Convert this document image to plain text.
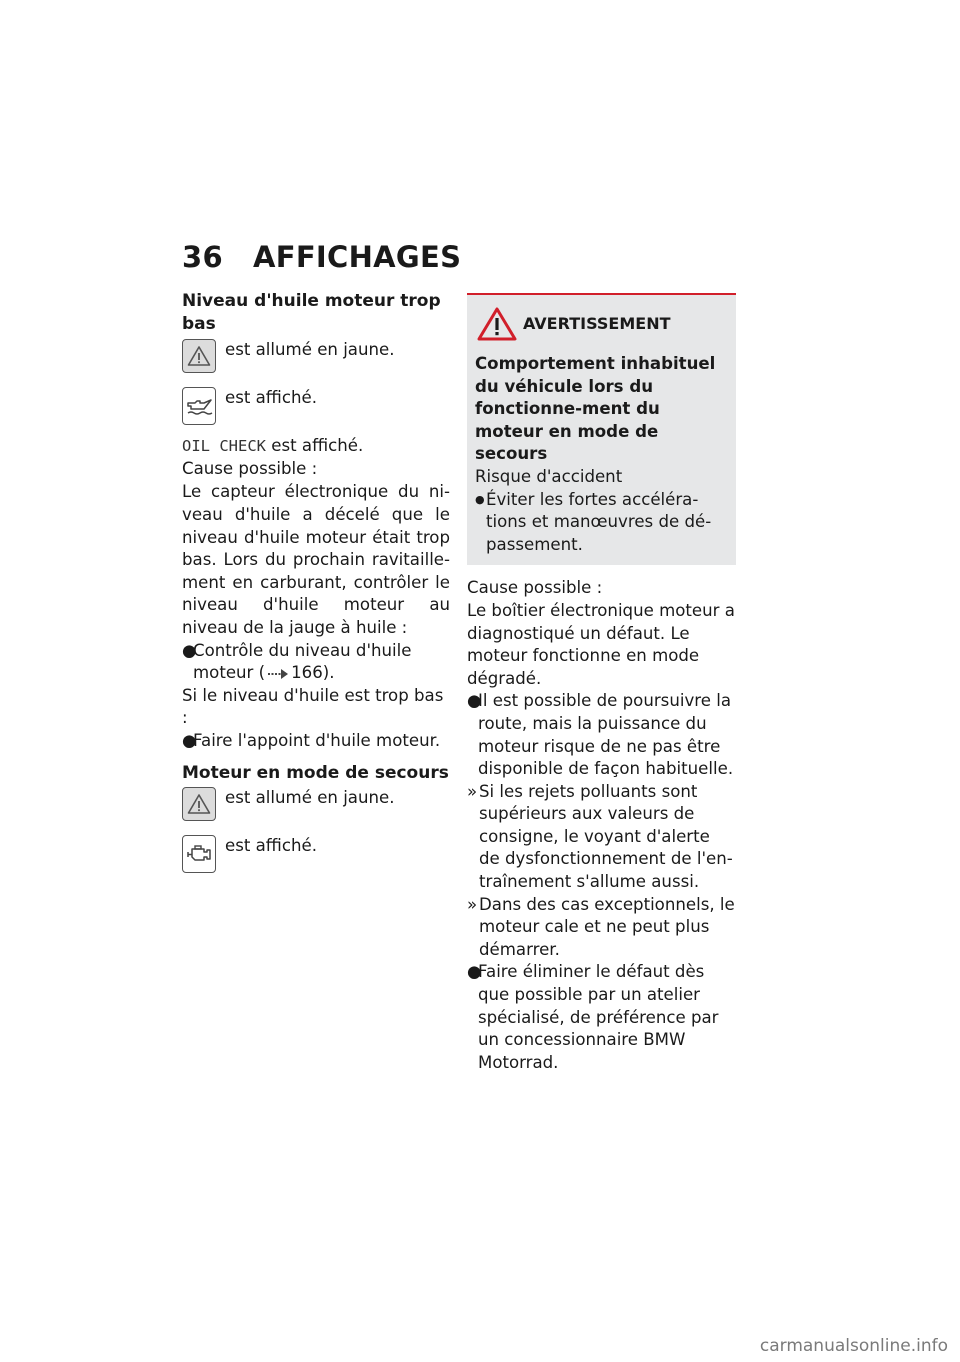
36 AFFICHAGES

Niveau d'huile moteur trop bas

est allumé en jaune.
est affiché.
OIL CHECK est affiché.

Cause possible :

Le capteur électronique du ni-veau d'huile a décelé que le niveau d'huile moteur était trop bas. Lors du prochain ravitaille-ment en carburant, contrôler le niveau d'huile moteur au niveau de la jauge à huile :

●
Contrôle du niveau d'huile moteur ( 166).

Si le niveau d'huile est trop bas :

●
Faire l'appoint d'huile moteur.

Moteur en mode de secours

est allumé en jaune.
est affiché.
AVERTISSEMENT

Comportement inhabituel du véhicule lors du fonctionne-ment du moteur en mode de secours

Risque d'accident

● Éviter les fortes accéléra-tions et manœuvres de dé-passement.

Cause possible :

Le boîtier électronique moteur a diagnostiqué un défaut. Le moteur fonctionne en mode dégradé.

●
Il est possible de poursuivre la route, mais la puissance du moteur risque de ne pas être disponible de façon habituelle.
» Si les rejets polluants sont supérieurs aux valeurs de consigne, le voyant d'alerte de dysfonctionnement de l'en-traînement s'allume aussi.
» Dans des cas exceptionnels, le moteur cale et ne peut plus démarrer.
●
Faire éliminer le défaut dès que possible par un atelier spécialisé, de préférence par un concessionnaire BMW Motorrad.
carmanualsonline.info
